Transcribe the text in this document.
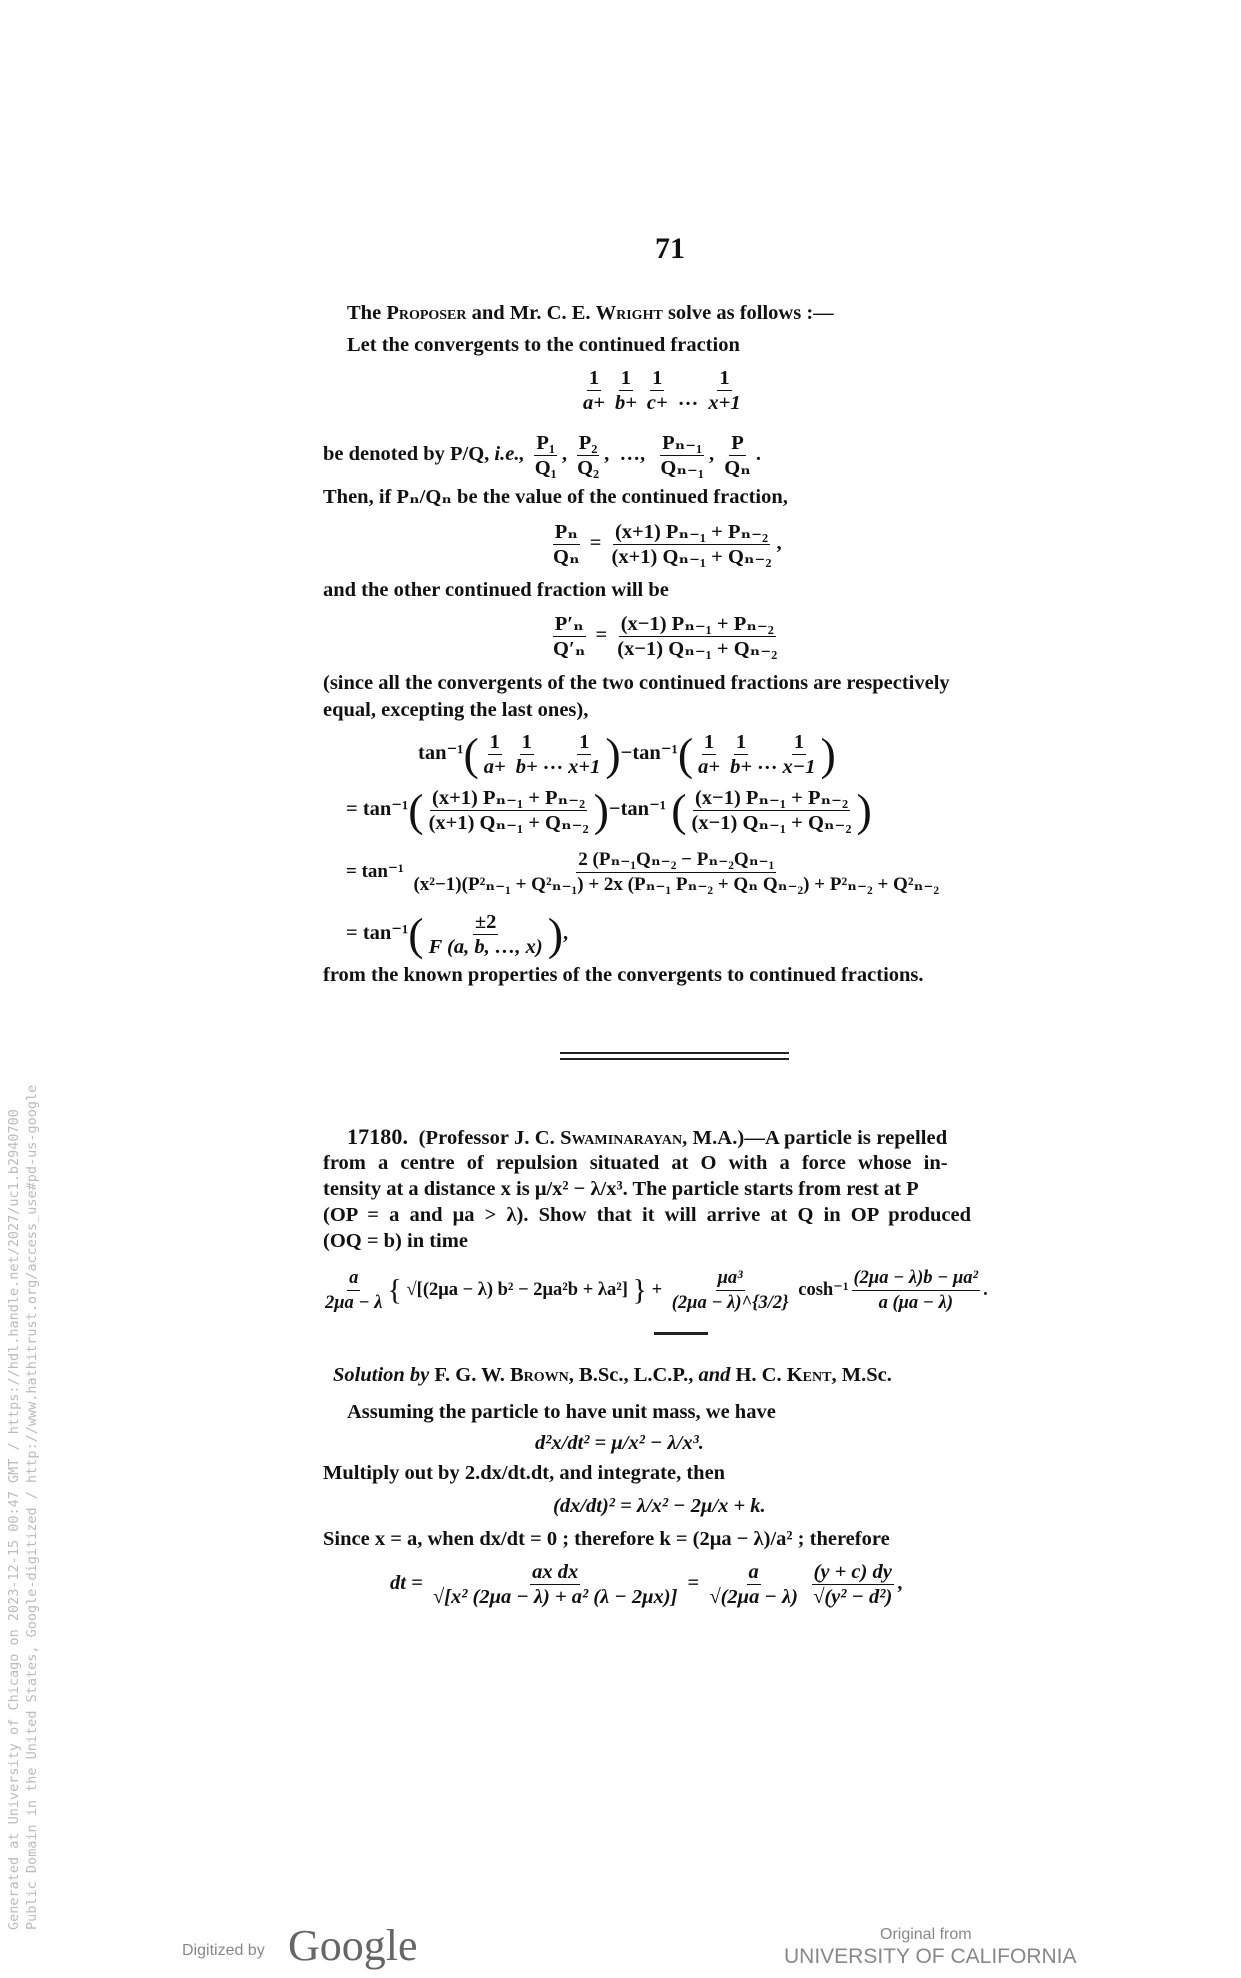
71
The Proposer and Mr. C. E. Wright solve as follows :—
Let the convergents to the continued fraction
$\frac{1}{a+} \frac{1}{b+} \frac{1}{c+}$ … $\frac{1}{x+1}$
be denoted by P/Q, i.e., $\frac{\text{P₁}}{\text{Q₁}}$ , $\frac{\text{P₂}}{\text{Q₂}}$ , …, $\frac{\text{Pₙ₋₁}}{\text{Qₙ₋₁}}$ , $\frac{P}{\text{Qₙ}}$ .
Then, if Pₙ/Qₙ be the value of the continued fraction,
$\frac{\text{Pₙ}}{\text{Qₙ}} = \frac{\text{(x+1) Pₙ₋₁ + Pₙ₋₂}}{\text{(x+1) Qₙ₋₁ + Qₙ₋₂}}$ ,
and the other continued fraction will be
$\frac{\text{P′ₙ}}{\text{Q′ₙ}} = \frac{\text{(x−1) Pₙ₋₁ + Pₙ₋₂}}{\text{(x−1) Qₙ₋₁ + Qₙ₋₂}}$
(since all the convergents of the two continued fractions are respectively
equal, excepting the last ones),
$\tan^{-1}( \frac{1}{a+} \frac{1}{b+}$ … $\frac{1}{x+1} )-\tan^{-1}( \frac{1}{a+} \frac{1}{b+}$ … $\frac{1}{x-1}$ )
= $\tan^{-1}( \frac{\text{(x+1) Pₙ₋₁ + Pₙ₋₂}}{\text{(x+1) Qₙ₋₁ + Qₙ₋₂}} )-\tan^{-1}$ ( $\frac{\text{(x−1) Pₙ₋₁ + Pₙ₋₂}}{\text{(x−1) Qₙ₋₁ + Qₙ₋₂}}$ )
= tan⁻¹
2 (Pₙ₋₁Qₙ₋₂ − Pₙ₋₂Qₙ₋₁
(x²−1)(P²ₙ₋₁ + Q²ₙ₋₁) + 2x (Pₙ₋₁ Pₙ₋₂ + Qₙ Qₙ₋₂) + P²ₙ₋₂ + Q²ₙ₋₂
= $\tan^{-1}( \frac{\pm 2}{F (a, b, \dots, x)}$ ),
from the known properties of the convergents to continued fractions.
17180. (Professor J. C. Swaminarayan, M.A.)—A particle is repelled
from a centre of repulsion situated at O with a force whose in-
tensity at a distance x is μ/x² − λ/x³. The particle starts from rest at P
(OP = a and μa > λ). Show that it will arrive at Q in OP produced
(OQ = b) in time
$\frac{a}{2\mu a - \lambda}$ { √[(2μa − λ) b² − 2μa²b + λa²] } + $\frac{\text{μa³}}{(2\mu a - \lambda)\^{}\{3/2\}} \cosh^{-1} \frac{\text{(2μa − λ)b − μa²}}{a (\mu a - \lambda)}$ .
Solution by F. G. W. Brown, B.Sc., L.C.P., and H. C. Kent, M.Sc.
Assuming the particle to have unit mass, we have
d²x/dt² = μ/x² − λ/x³.
Multiply out by 2.dx/dt.dt, and integrate, then
(dx/dt)² = λ/x² − 2μ/x + k.
Since x = a, when dx/dt = 0 ; therefore k = (2μa − λ)/a² ; therefore
dt = $\frac{\text{ax dx}}{\text{√[x² (2μa − λ) + a² (λ − 2μx)]}} = \frac{a}{√(2\mu a - \lambda)}$
$\frac{(y + c) dy}{\text{√(y² − d²)}}$ ,
Generated at University of Chicago on 2023-12-15 00:47 GMT / https://hdl.handle.net/2027/uc1.b2940700 Public Domain in the United States, Google-digitized / http://www.hathitrust.org/access_use#pd-us-google
Digitized by Google	Original from
UNIVERSITY OF CALIFORNIA
